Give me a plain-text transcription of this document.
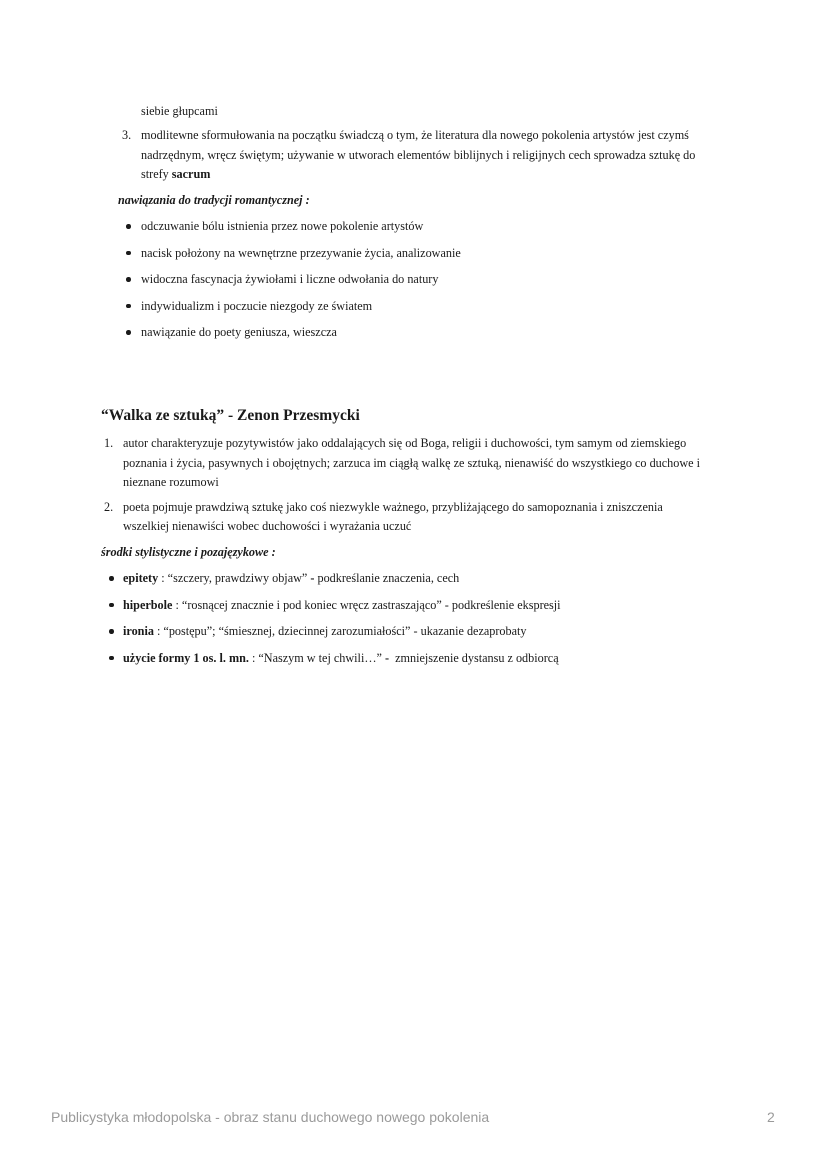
siebie głupcami

3. modlitewne sformułowania na początku świadczą o tym, że literatura dla nowego pokolenia artystów jest czymś
nadrzędnym, wręcz świętym; używanie w utworach elementów biblijnych i religijnych cech sprowadza sztukę do
strefy sacrum

nawiązania do tradycji romantycznej :

odczuwanie bólu istnienia przez nowe pokolenie artystów
nacisk położony na wewnętrzne przezywanie życia, analizowanie
widoczna fascynacja żywiołami i liczne odwołania do natury
indywidualizm i poczucie niezgody ze światem
nawiązanie do poety geniusza, wieszcza
“Walka ze sztuką” - Zenon Przesmycki
1. autor charakteryzuje pozytywistów jako oddalających się od Boga, religii i duchowości, tym samym od ziemskiego
poznania i życia, pasywnych i obojętnych; zarzuca im ciągłą walkę ze sztuką, nienawiść do wszystkiego co duchowe i
nieznane rozumowi
2. poeta pojmuje prawdziwą sztukę jako coś niezwykle ważnego, przybliżającego do samopoznania i zniszczenia
wszelkiej nienawiści wobec duchowości i wyrażania uczuć

środki stylistyczne i pozajęzykowe :

epitety : “szczery, prawdziwy objaw” - podkreślanie znaczenia, cech
hiperbole : “rosnącej znacznie i pod koniec wręcz zastraszająco” - podkreślenie ekspresji
ironia : “postępu”; “śmiesznej, dziecinnej zarozumiałości” - ukazanie dezaprobaty
użycie formy 1 os. l. mn. : “Naszym w tej chwili…” -  zmniejszenie dystansu z odbiorcą

Publicystyka młodopolska - obraz stanu duchowego nowego pokolenia	2
